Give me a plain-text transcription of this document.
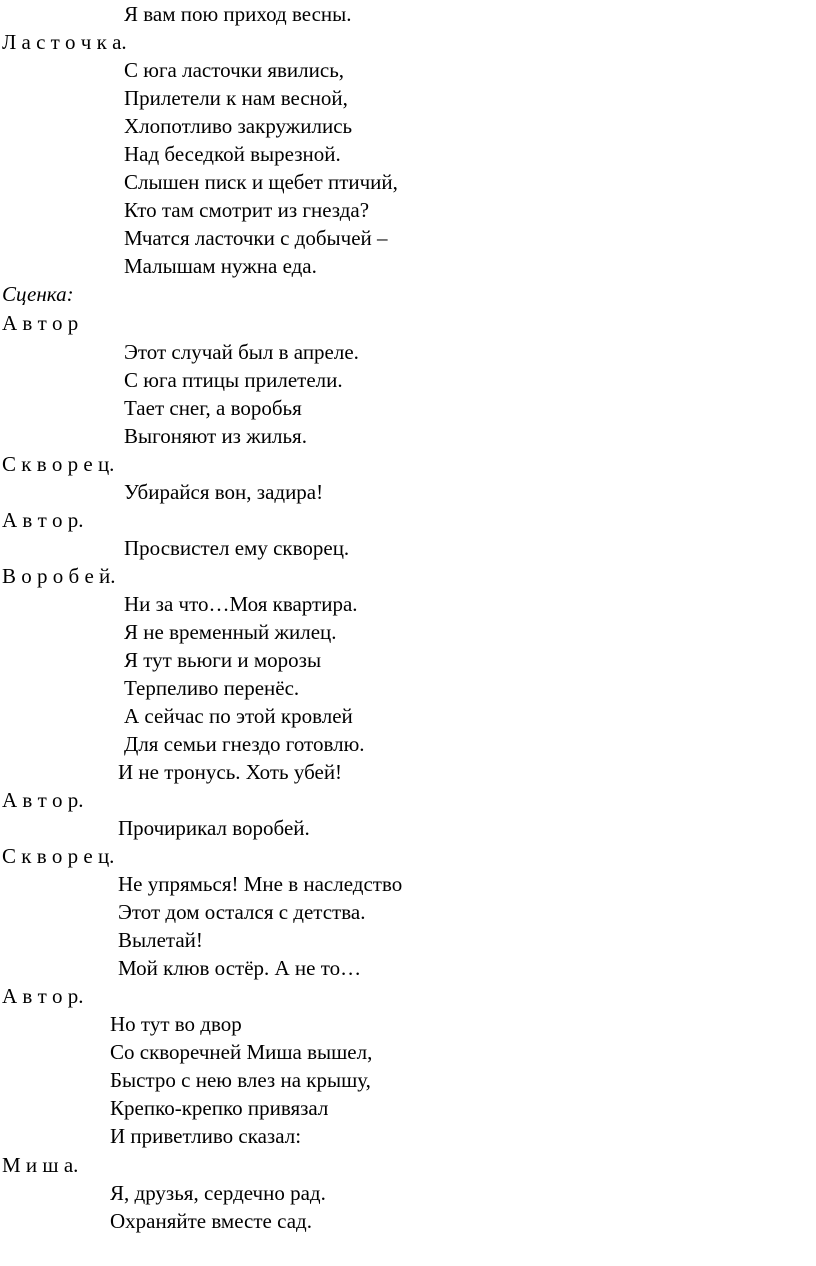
Я вам пою приход весны.
Л а с т о ч к а.
С юга ласточки явились,
Прилетели к нам весной,
Хлопотливо закружились
Над беседкой вырезной.
Слышен писк и щебет птичий,
Кто там смотрит из гнезда?
Мчатся ласточки с добычей –
Малышам нужна еда.
Сценка:
А в т о р
Этот случай был в апреле.
С юга птицы прилетели.
Тает снег, а воробья
Выгоняют из жилья.
С к в о р е ц.
Убирайся вон, задира!
А в т о р.
Просвистел ему скворец.
В о р о б е й.
Ни за что…Моя квартира.
Я не временный жилец.
Я тут вьюги и морозы
Терпеливо перенёс.
А сейчас по этой кровлей
Для семьи гнездо готовлю.
И не тронусь. Хоть убей!
А в т о р.
Прочирикал воробей.
С к в о р е ц.
Не упрямься! Мне в наследство
Этот дом остался с детства.
Вылетай!
Мой клюв остёр. А не то…
А в т о р.
Но тут во двор
Со скворечней Миша вышел,
Быстро с нею влез на крышу,
Крепко-крепко привязал
И приветливо сказал:
М и ш а.
Я, друзья, сердечно рад.
Охраняйте вместе сад.
